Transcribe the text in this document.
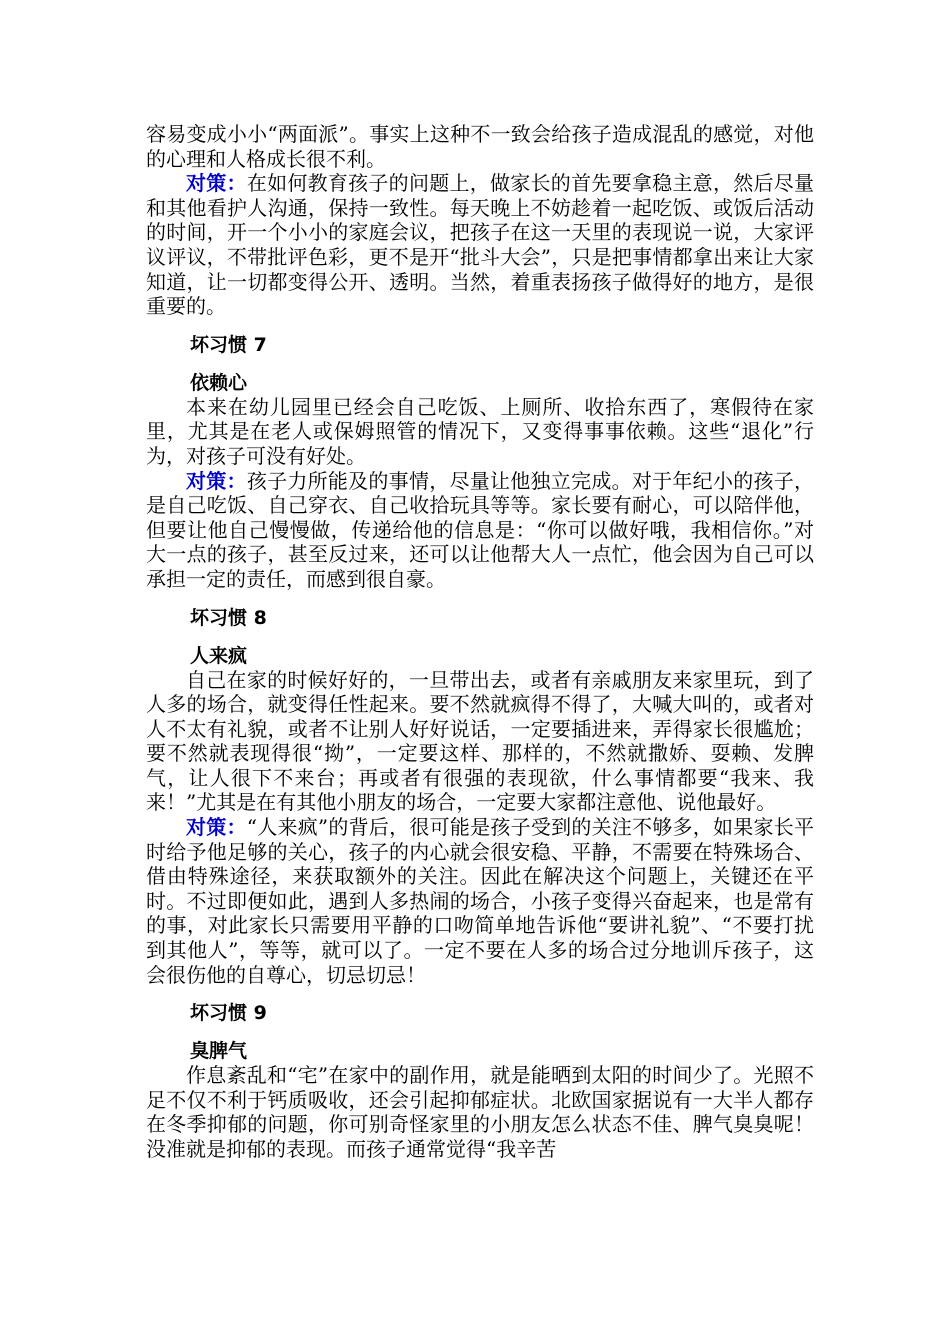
容易变成小小“两面派”。事实上这种不一致会给孩子造成混乱的感觉，对他的心理和人格成长很不利。

对策：在如何教育孩子的问题上，做家长的首先要拿稳主意，然后尽量和其他看护人沟通，保持一致性。每天晚上不妨趁着一起吃饭、或饭后活动的时间，开一个小小的家庭会议，把孩子在这一天里的表现说一说，大家评议评议，不带批评色彩，更不是开“批斗大会”，只是把事情都拿出来让大家知道，让一切都变得公开、透明。当然，着重表扬孩子做得好的地方，是很重要的。

坏习惯 7
依赖心

本来在幼儿园里已经会自己吃饭、上厕所、收拾东西了，寒假待在家里，尤其是在老人或保姆照管的情况下，又变得事事依赖。这些“退化”行为，对孩子可没有好处。

对策：孩子力所能及的事情，尽量让他独立完成。对于年纪小的孩子，是自己吃饭、自己穿衣、自己收拾玩具等等。家长要有耐心，可以陪伴他，但要让他自己慢慢做，传递给他的信息是：“你可以做好哦，我相信你。”对大一点的孩子，甚至反过来，还可以让他帮大人一点忙，他会因为自己可以承担一定的责任，而感到很自豪。

坏习惯 8
人来疯

自己在家的时候好好的，一旦带出去，或者有亲戚朋友来家里玩，到了人多的场合，就变得任性起来。要不然就疯得不得了，大喊大叫的，或者对人不太有礼貌，或者不让别人好好说话，一定要插进来，弄得家长很尴尬；要不然就表现得很“拗”，一定要这样、那样的，不然就撒娇、耍赖、发脾气，让人很下不来台；再或者有很强的表现欲，什么事情都要“我来、我来！”尤其是在有其他小朋友的场合，一定要大家都注意他、说他最好。

对策：“人来疯”的背后，很可能是孩子受到的关注不够多，如果家长平时给予他足够的关心，孩子的内心就会很安稳、平静，不需要在特殊场合、借由特殊途径，来获取额外的关注。因此在解决这个问题上，关键还在平时。不过即便如此，遇到人多热闹的场合，小孩子变得兴奋起来，也是常有的事，对此家长只需要用平静的口吻简单地告诉他“要讲礼貌”、“不要打扰到其他人”，等等，就可以了。一定不要在人多的场合过分地训斥孩子，这会很伤他的自尊心，切忌切忌！

坏习惯 9
臭脾气

作息紊乱和“宅”在家中的副作用，就是能晒到太阳的时间少了。光照不足不仅不利于钙质吸收，还会引起抑郁症状。北欧国家据说有一大半人都存在冬季抑郁的问题，你可别奇怪家里的小朋友怎么状态不佳、脾气臭臭呢！没准就是抑郁的表现。而孩子通常觉得“我辛苦
